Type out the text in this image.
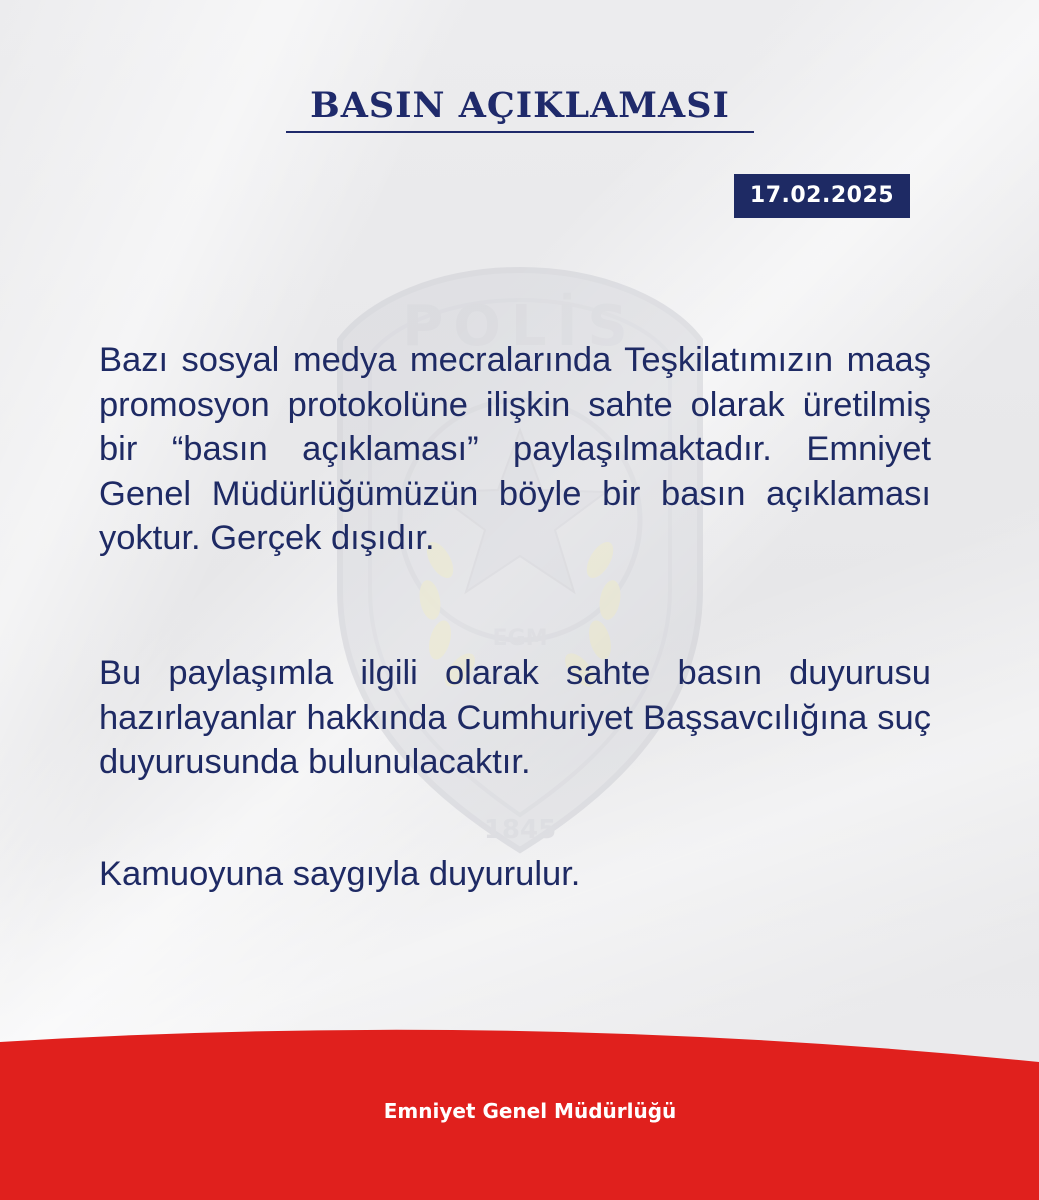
POLİS
EGM
1845
BASIN AÇIKLAMASI
17.02.2025

Bazı sosyal medya mecralarında Teşkilatımızın maaş promosyon protokolüne ilişkin sahte olarak üretilmiş bir “basın açıklaması” paylaşılmaktadır. Emniyet Genel Müdürlüğümüzün böyle bir basın açıklaması yoktur. Gerçek dışıdır.

Bu paylaşımla ilgili olarak sahte basın duyurusu hazırlayanlar hakkında Cumhuriyet Başsavcılığına suç duyurusunda bulunulacaktır.

Kamuoyuna saygıyla duyurulur.

Emniyet Genel Müdürlüğü
